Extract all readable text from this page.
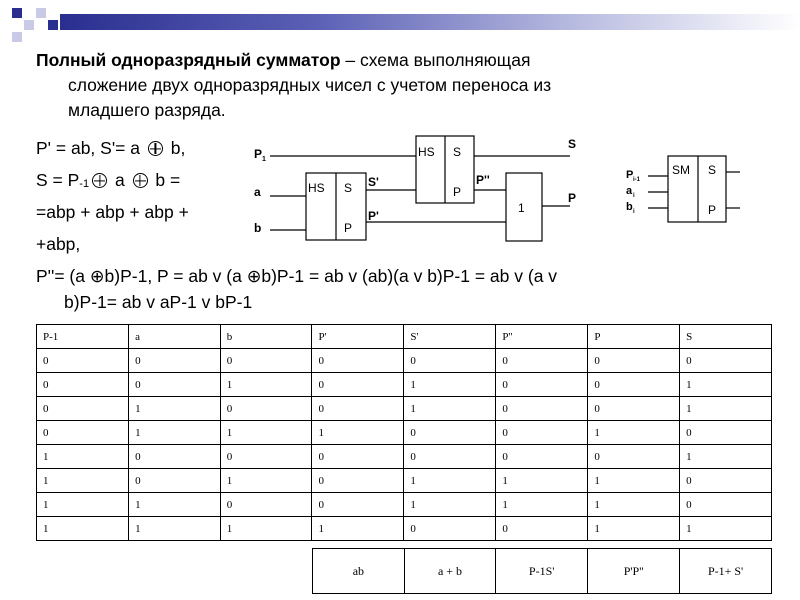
Полный одноразрядный сумматор – схема выполняющая
сложение двух одноразрядных чисел с учетом переноса из
младшего разряда.
P' = ab, S'= a  b,
S = P-1 a  b =
=abp + abp + abp +
+abp,
P''= (a ⊕b)P-1, P = ab v (a ⊕b)P-1 = ab v (ab)(a v b)P-1 = ab v (a v
b)P-1= ab v aP-1 v bP-1
HS S
P
HS S
P
1
P 1
a
b
S'
P'
P''
S
P
SM S
P
P i-1
a i
b i
P-1	a	b	P'	S'	P''	P	S
0	0	0	0	0	0	0	0
0	0	1	0	1	0	0	1
0	1	0	0	1	0	0	1
0	1	1	1	0	0	1	0
1	0	0	0	0	0	0	1
1	0	1	0	1	1	1	0
1	1	0	0	1	1	1	0
1	1	1	1	0	0	1	1
ab	a + b	P-1S'	P'P''	P-1+ S'
